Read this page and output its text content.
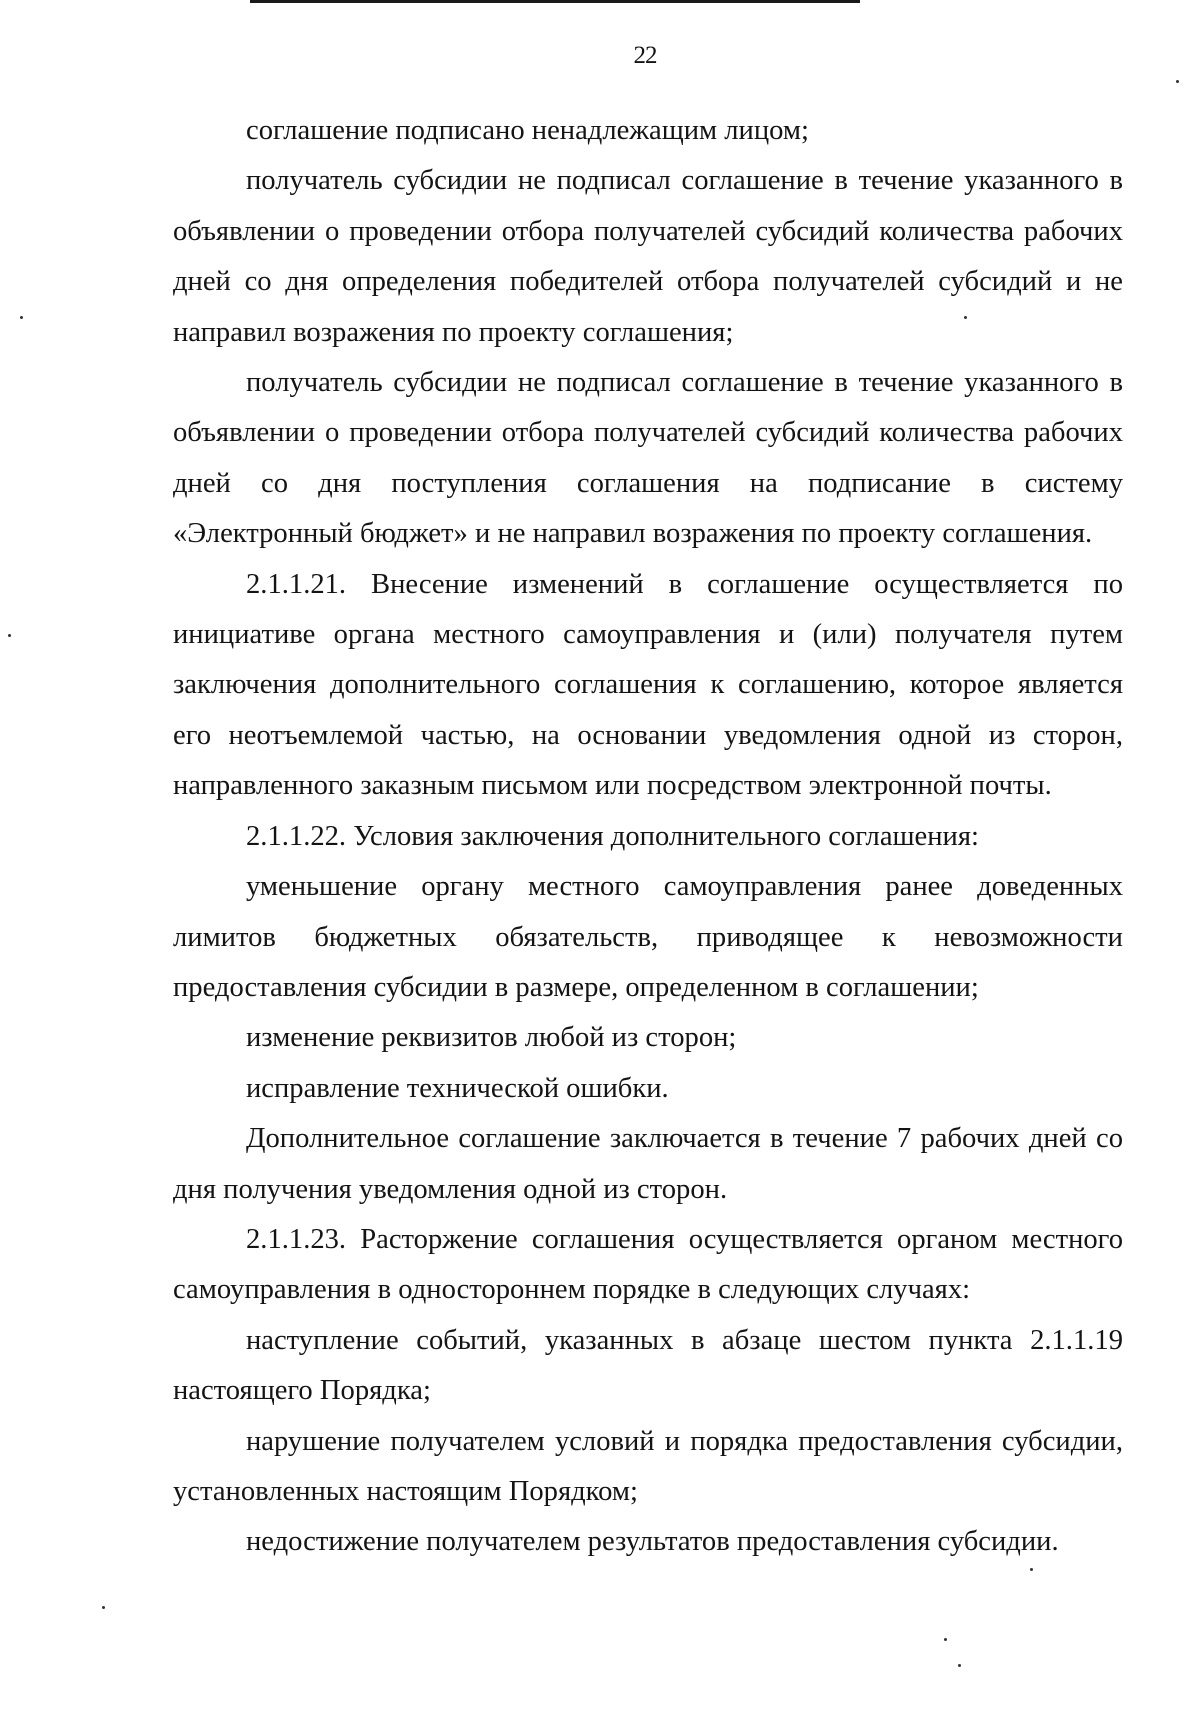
22

соглашение подписано ненадлежащим лицом;

получатель субсидии не подписал соглашение в течение указанного в объявлении о проведении отбора получателей субсидий количества рабочих дней со дня определения победителей отбора получателей субсидий и не направил возражения по проекту соглашения;

получатель субсидии не подписал соглашение в течение указанного в объявлении о проведении отбора получателей субсидий количества рабочих дней со дня поступления соглашения на подписание в систему «Электронный бюджет» и не направил возражения по проекту соглашения.

2.1.1.21. Внесение изменений в соглашение осуществляется по инициативе органа местного самоуправления и (или) получателя путем заключения дополнительного соглашения к соглашению, которое является его неотъемлемой частью, на основании уведомления одной из сторон, направленного заказным письмом или посредством электронной почты.

2.1.1.22. Условия заключения дополнительного соглашения:

уменьшение органу местного самоуправления ранее доведенных лимитов бюджетных обязательств, приводящее к невозможности предоставления субсидии в размере, определенном в соглашении;

изменение реквизитов любой из сторон;

исправление технической ошибки.

Дополнительное соглашение заключается в течение 7 рабочих дней со дня получения уведомления одной из сторон.

2.1.1.23. Расторжение соглашения осуществляется органом местного самоуправления в одностороннем порядке в следующих случаях:

наступление событий, указанных в абзаце шестом пункта 2.1.1.19 настоящего Порядка;

нарушение получателем условий и порядка предоставления субсидии, установленных настоящим Порядком;

недостижение получателем результатов предоставления субсидии.
